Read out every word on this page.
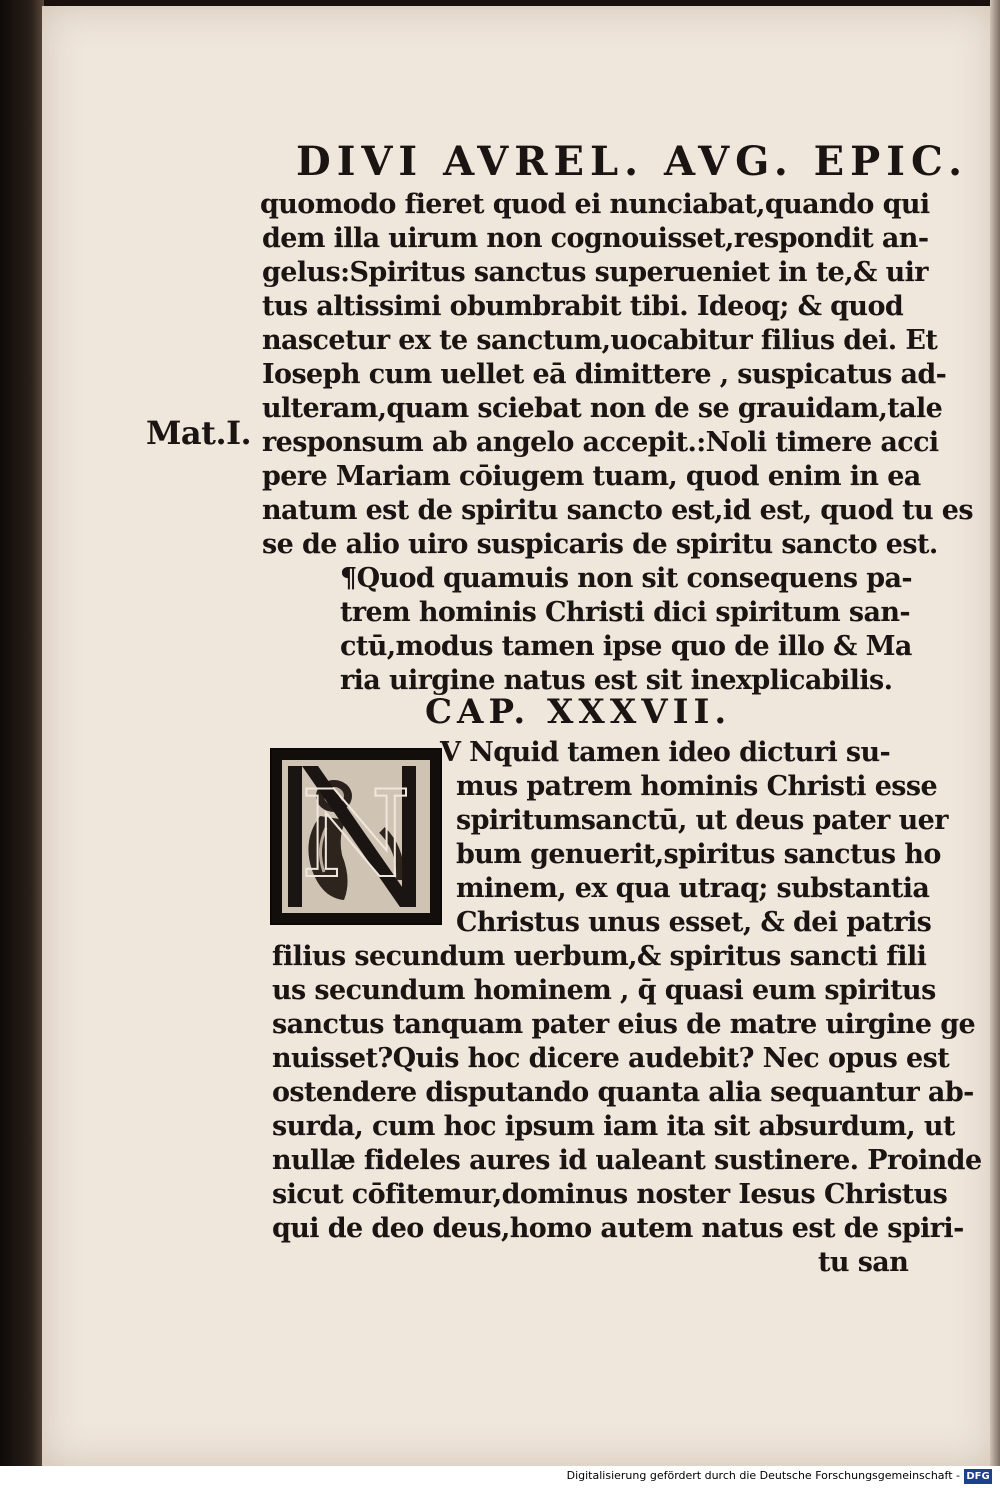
DIVI AVREL. AVG. EPIC.
Mat.I.
quomodo fieret quod ei nunciabat,quando qui
dem illa uirum non cognouisset,respondit an-
gelus:Spiritus sanctus superueniet in te,& uir
tus altissimi obumbrabit tibi. Ideoq; & quod
nascetur ex te sanctum,uocabitur filius dei. Et
Ioseph cum uellet eā dimittere , suspicatus ad-
ulteram,quam sciebat non de se grauidam,tale
responsum ab angelo accepit.:Noli timere acci
pere Mariam cōiugem tuam, quod enim in ea
natum est de spiritu sancto est,id est, quod tu es
se de alio uiro suspicaris de spiritu sancto est.
¶Quod quamuis non sit consequens pa-
trem hominis Christi dici spiritum san-
ctū,modus tamen ipse quo de illo & Ma
ria uirgine natus est sit inexplicabilis.
CAP. XXXVII.
N
V Nquid tamen ideo dicturi su-
mus patrem hominis Christi esse
spiritumsanctū, ut deus pater uer
bum genuerit,spiritus sanctus ho
minem, ex qua utraq; substantia
Christus unus esset, & dei patris
filius secundum uerbum,& spiritus sancti fili
us secundum hominem , q̄ quasi eum spiritus
sanctus tanquam pater eius de matre uirgine ge
nuisset?Quis hoc dicere audebit? Nec opus est
ostendere disputando quanta alia sequantur ab-
surda, cum hoc ipsum iam ita sit absurdum, ut
nullæ fideles aures id ualeant sustinere. Proinde
sicut cōfitemur,dominus noster Iesus Christus
qui de deo deus,homo autem natus est de spiri-
tu san
Digitalisierung gefördert durch die Deutsche Forschungsgemeinschaft - DFG
